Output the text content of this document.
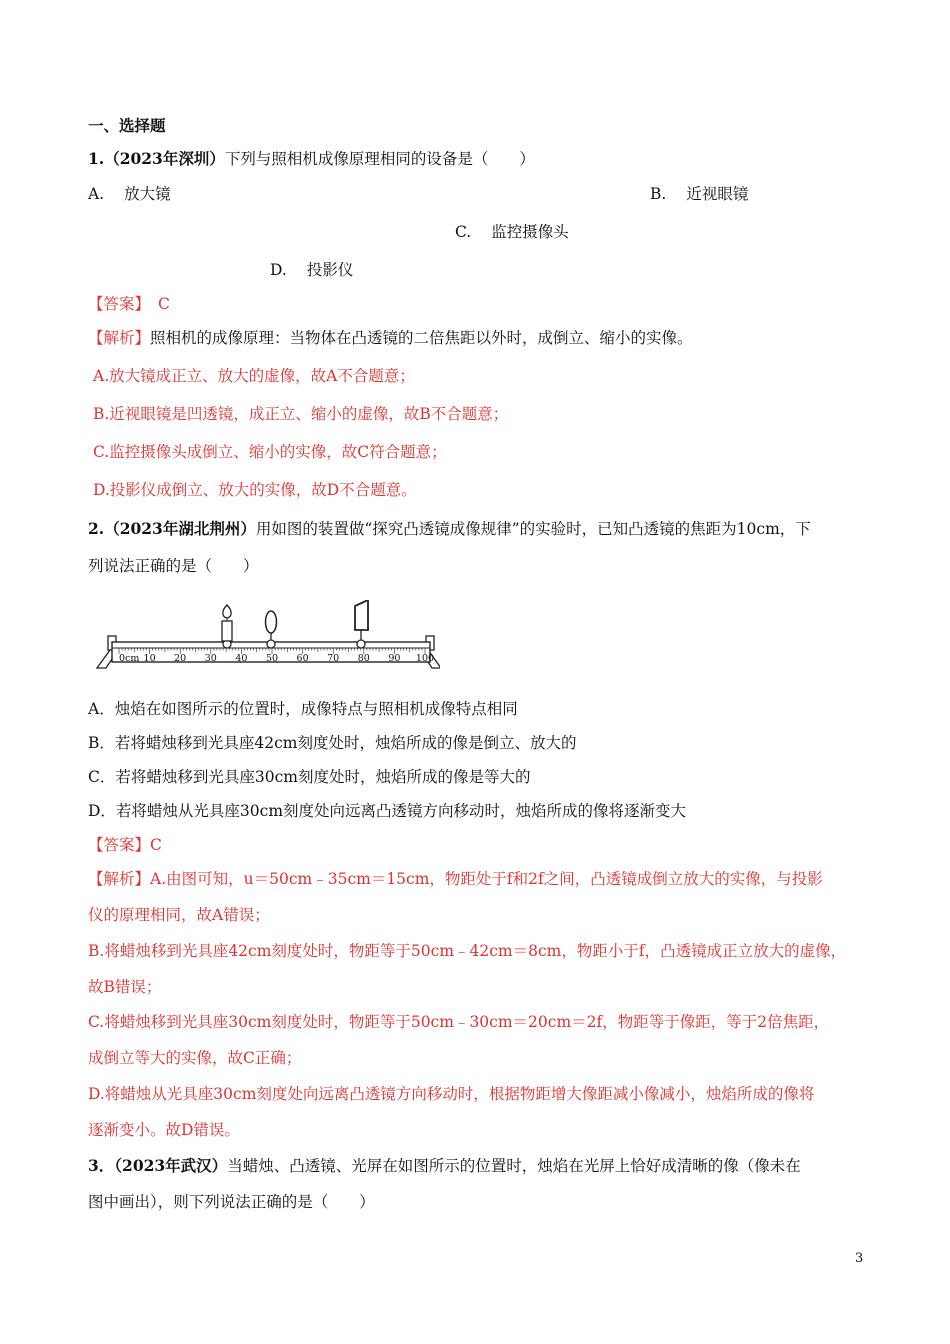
一、选择题
1.（2023年深圳）下列与照相机成像原理相同的设备是（　　）
A. 放大镜	B. 近视眼镜
C. 监控摄像头
D. 投影仪
【答案】 C
【解析】照相机的成像原理：当物体在凸透镜的二倍焦距以外时，成倒立、缩小的实像。
A.放大镜成正立、放大的虚像，故A不合题意；
B.近视眼镜是凹透镜，成正立、缩小的虚像，故B不合题意；
C.监控摄像头成倒立、缩小的实像，故C符合题意；
D.投影仪成倒立、放大的实像，故D不合题意。
2.（2023年湖北荆州）用如图的装置做“探究凸透镜成像规律”的实验时，已知凸透镜的焦距为10cm，下
列说法正确的是（　　）
0cm 10 20 30 40 50 60 70 80 90 100
A．烛焰在如图所示的位置时，成像特点与照相机成像特点相同
B．若将蜡烛移到光具座42cm刻度处时，烛焰所成的像是倒立、放大的
C．若将蜡烛移到光具座30cm刻度处时，烛焰所成的像是等大的
D．若将蜡烛从光具座30cm刻度处向远离凸透镜方向移动时，烛焰所成的像将逐渐变大
【答案】C
【解析】A.由图可知，u＝50cm﹣35cm＝15cm，物距处于f和2f之间，凸透镜成倒立放大的实像，与投影
仪的原理相同，故A错误；
B.将蜡烛移到光具座42cm刻度处时，物距等于50cm﹣42cm＝8cm，物距小于f，凸透镜成正立放大的虚像，
故B错误；
C.将蜡烛移到光具座30cm刻度处时，物距等于50cm﹣30cm＝20cm＝2f，物距等于像距，等于2倍焦距，
成倒立等大的实像，故C正确；
D.将蜡烛从光具座30cm刻度处向远离凸透镜方向移动时，根据物距增大像距减小像减小，烛焰所成的像将
逐渐变小。故D错误。
3．（2023年武汉）当蜡烛、凸透镜、光屏在如图所示的位置时，烛焰在光屏上恰好成清晰的像（像未在
图中画出），则下列说法正确的是（　　）
3
